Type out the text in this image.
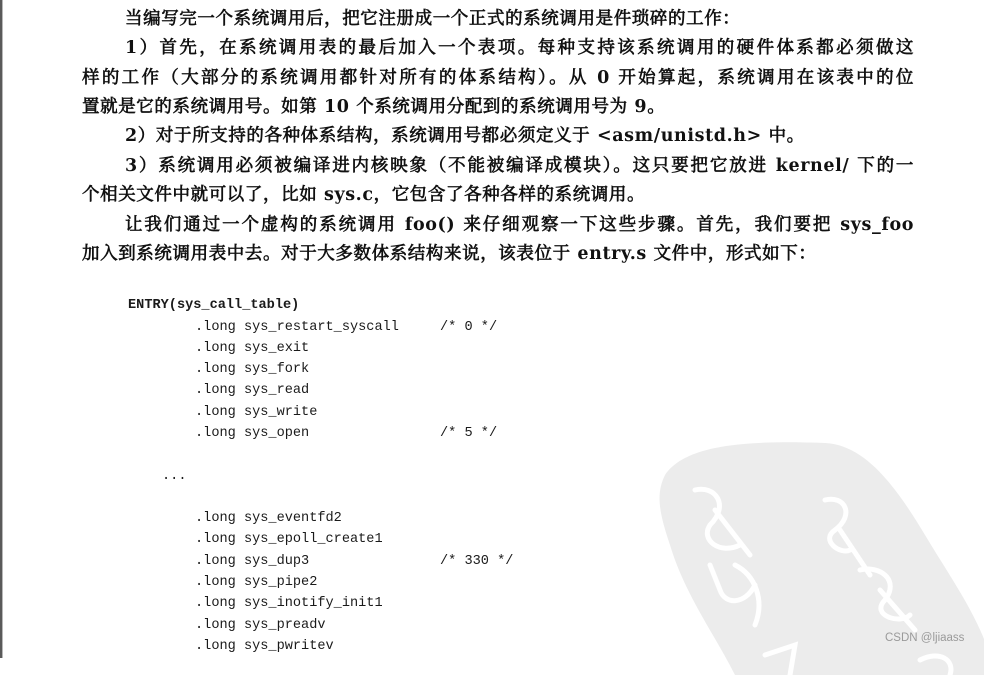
当编写完一个系统调用后，把它注册成一个正式的系统调用是件琐碎的工作：
1）首先，在系统调用表的最后加入一个表项。每种支持该系统调用的硬件体系都必须做这
样的工作（大部分的系统调用都针对所有的体系结构）。从 0 开始算起，系统调用在该表中的位
置就是它的系统调用号。如第 10 个系统调用分配到的系统调用号为 9。
2）对于所支持的各种体系结构，系统调用号都必须定义于 <asm/unistd.h> 中。
3）系统调用必须被编译进内核映象（不能被编译成模块）。这只要把它放进 kernel/ 下的一
个相关文件中就可以了，比如 sys.c，它包含了各种各样的系统调用。
让我们通过一个虚构的系统调用 foo() 来仔细观察一下这些步骤。首先，我们要把 sys_foo
加入到系统调用表中去。对于大多数体系结构来说，该表位于 entry.s 文件中，形式如下：
ENTRY(sys_call_table)
.long sys_restart_syscall	/* 0 */
.long sys_exit
.long sys_fork
.long sys_read
.long sys_write
.long sys_open	/* 5 */
...
.long sys_eventfd2
.long sys_epoll_create1
.long sys_dup3	/* 330 */
.long sys_pipe2
.long sys_inotify_init1
.long sys_preadv
.long sys_pwritev
CSDN @ljiaass
